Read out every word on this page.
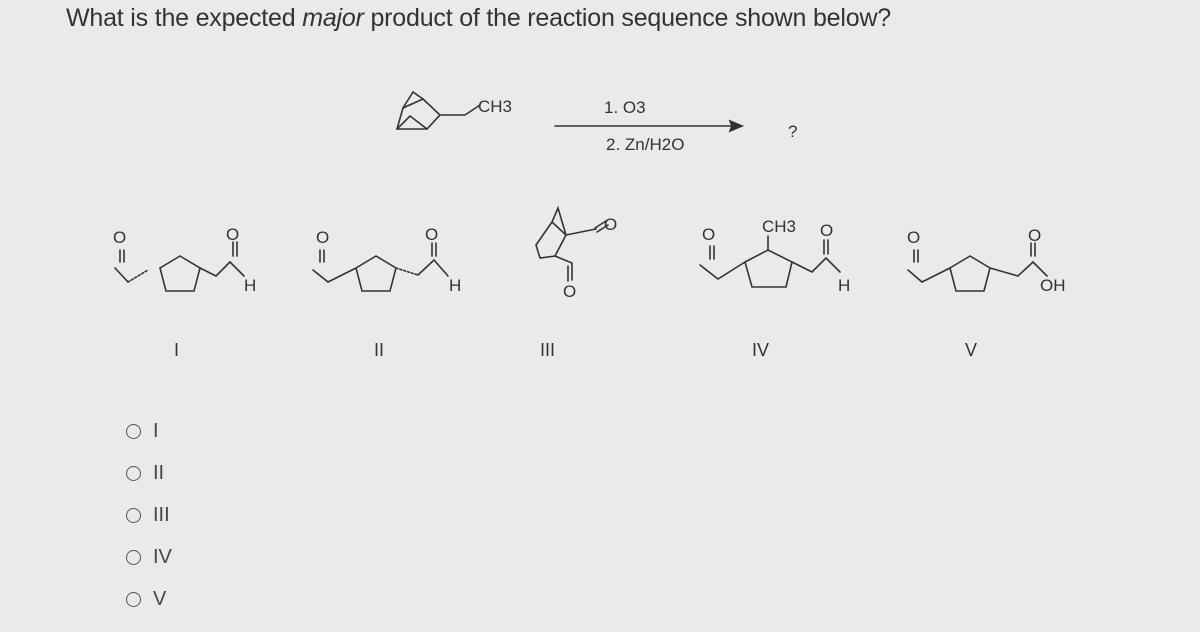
What is the expected major product of the reaction sequence shown below?
CH3	1. O3
2. Zn/H2O
?
O	O
H
O	O
H
O
O
O	O
H
O	O
OH
CH3
I	II	III	IV	V
I
II
III
IV
V
